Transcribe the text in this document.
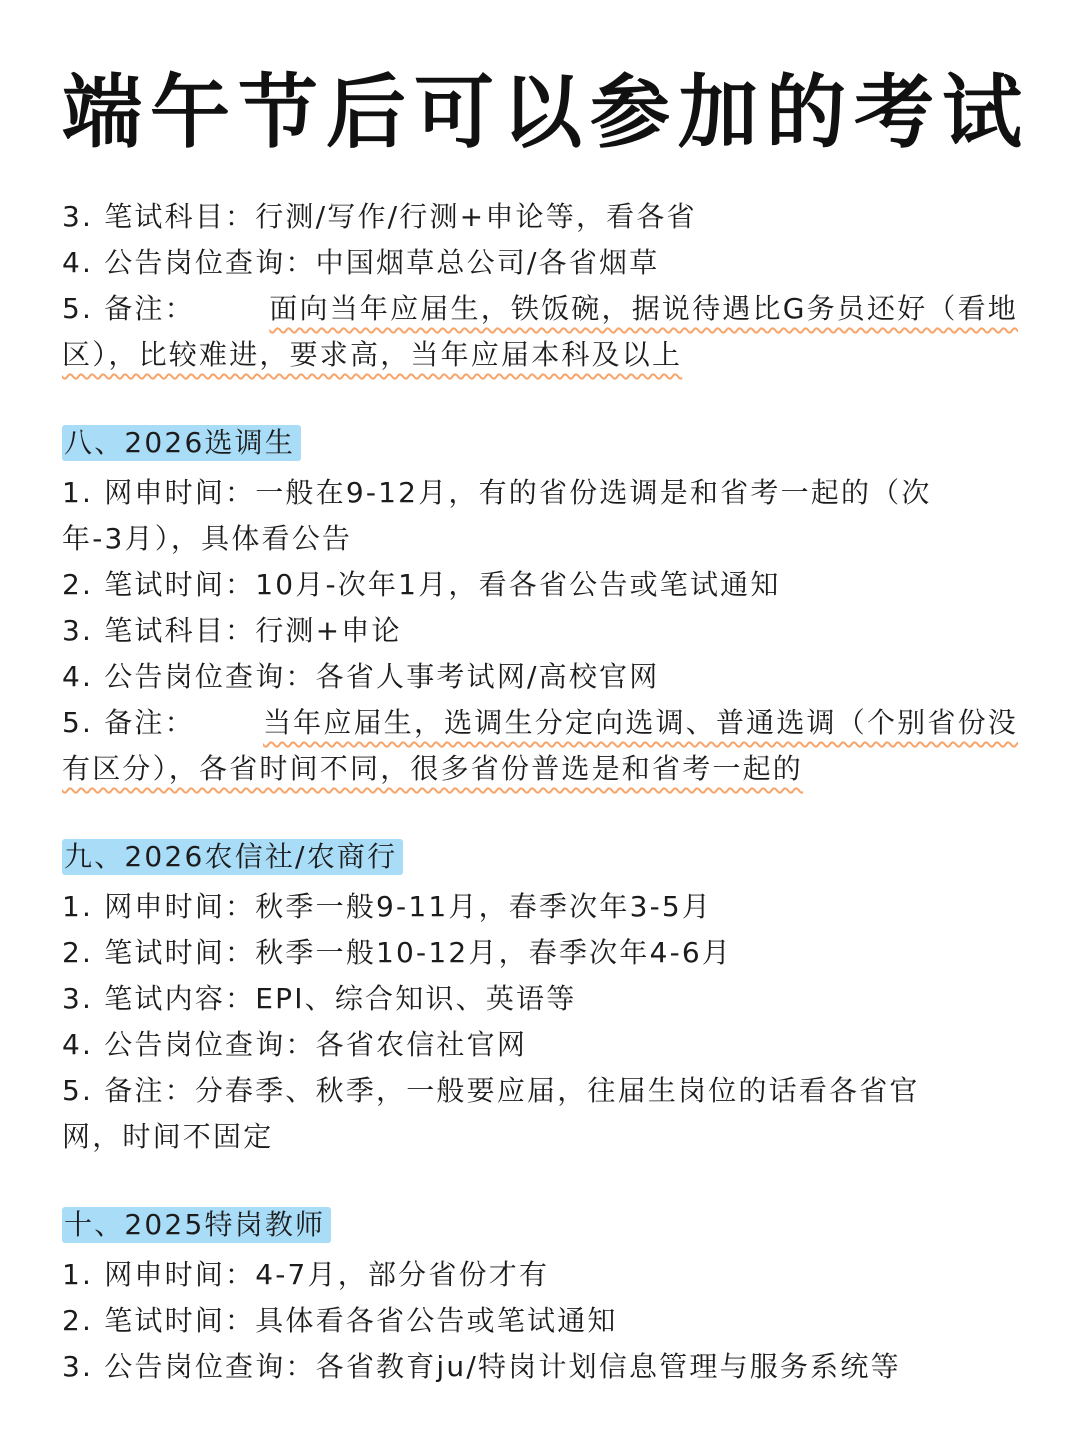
端午节后可以参加的考试
3. 笔试科目：行测/写作/行测+申论等，看各省
4. 公告岗位查询：中国烟草总公司/各省烟草
5. 备注：	面向当年应届生，铁饭碗，据说待遇比G务员还好（看地
区），比较难进，要求高，当年应届本科及以上
八、2026选调生
1. 网申时间：一般在9-12月，有的省份选调是和省考一起的（次
年-3月），具体看公告
2. 笔试时间：10月-次年1月，看各省公告或笔试通知
3. 笔试科目：行测+申论
4. 公告岗位查询：各省人事考试网/高校官网
5. 备注： 当年应届生，选调生分定向选调、普通选调（个别省份没
有区分），各省时间不同，很多省份普选是和省考一起的
九、2026农信社/农商行
1. 网申时间：秋季一般9-11月，春季次年3-5月
2. 笔试时间：秋季一般10-12月，春季次年4-6月
3. 笔试内容：EPI、综合知识、英语等
4. 公告岗位查询：各省农信社官网
5. 备注：分春季、秋季，一般要应届，往届生岗位的话看各省官
网，时间不固定
十、2025特岗教师
1. 网申时间：4-7月，部分省份才有
2. 笔试时间：具体看各省公告或笔试通知
3. 公告岗位查询：各省教育ju/特岗计划信息管理与服务系统等
